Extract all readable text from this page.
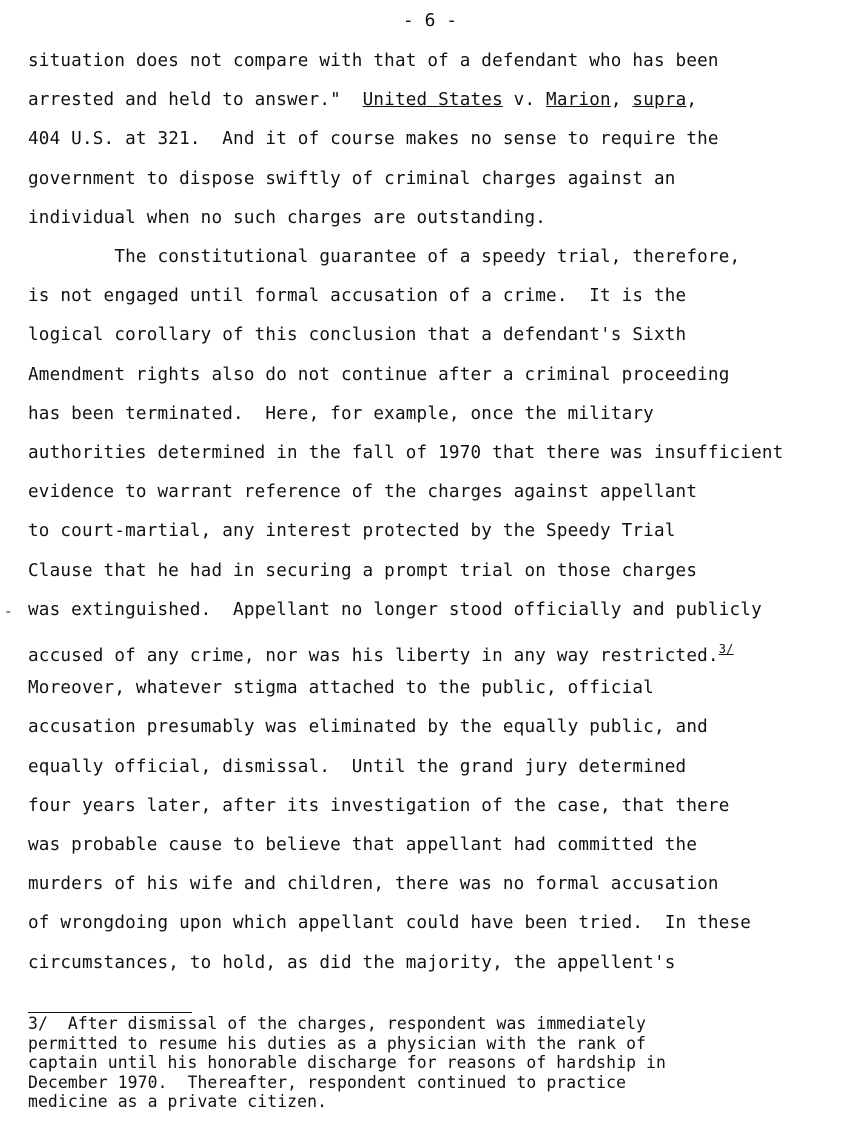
- 6 -
situation does not compare with that of a defendant who has been
arrested and held to answer."  United States v. Marion, supra,
404 U.S. at 321.  And it of course makes no sense to require the
government to dispose swiftly of criminal charges against an
individual when no such charges are outstanding.
The constitutional guarantee of a speedy trial, therefore,
is not engaged until formal accusation of a crime.  It is the
logical corollary of this conclusion that a defendant's Sixth
Amendment rights also do not continue after a criminal proceeding
has been terminated.  Here, for example, once the military
authorities determined in the fall of 1970 that there was insufficient
evidence to warrant reference of the charges against appellant
to court-martial, any interest protected by the Speedy Trial
Clause that he had in securing a prompt trial on those charges
was extinguished.  Appellant no longer stood officially and publicly
accused of any crime, nor was his liberty in any way restricted.$^{3/}$
Moreover, whatever stigma attached to the public, official
accusation presumably was eliminated by the equally public, and
equally official, dismissal.  Until the grand jury determined
four years later, after its investigation of the case, that there
was probable cause to believe that appellant had committed the
murders of his wife and children, there was no formal accusation
of wrongdoing upon which appellant could have been tried.  In these
circumstances, to hold, as did the majority, the appellent's
-
3/  After dismissal of the charges, respondent was immediately
permitted to resume his duties as a physician with the rank of
captain until his honorable discharge for reasons of hardship in
December 1970.  Thereafter, respondent continued to practice
medicine as a private citizen.
